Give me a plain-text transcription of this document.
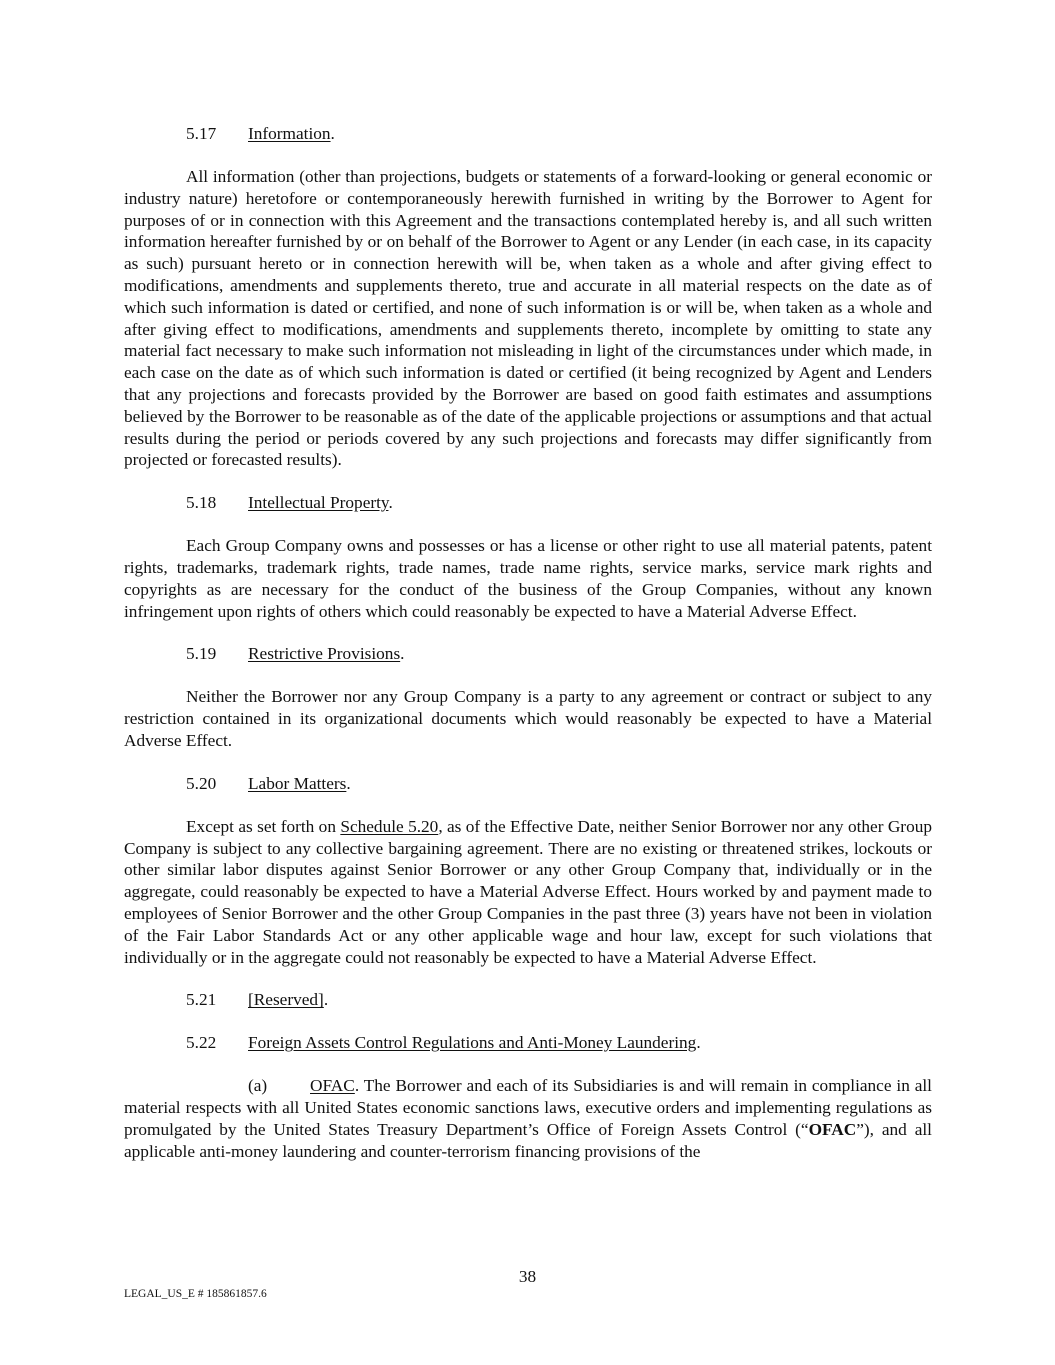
5.17 Information.

All information (other than projections, budgets or statements of a forward-looking or general economic or industry nature) heretofore or contemporaneously herewith furnished in writing by the Borrower to Agent for purposes of or in connection with this Agreement and the transactions contemplated hereby is, and all such written information hereafter furnished by or on behalf of the Borrower to Agent or any Lender (in each case, in its capacity as such) pursuant hereto or in connection herewith will be, when taken as a whole and after giving effect to modifications, amendments and supplements thereto, true and accurate in all material respects on the date as of which such information is dated or certified, and none of such information is or will be, when taken as a whole and after giving effect to modifications, amendments and supplements thereto, incomplete by omitting to state any material fact necessary to make such information not misleading in light of the circumstances under which made, in each case on the date as of which such information is dated or certified (it being recognized by Agent and Lenders that any projections and forecasts provided by the Borrower are based on good faith estimates and assumptions believed by the Borrower to be reasonable as of the date of the applicable projections or assumptions and that actual results during the period or periods covered by any such projections and forecasts may differ significantly from projected or forecasted results).

5.18 Intellectual Property.

Each Group Company owns and possesses or has a license or other right to use all material patents, patent rights, trademarks, trademark rights, trade names, trade name rights, service marks, service mark rights and copyrights as are necessary for the conduct of the business of the Group Companies, without any known infringement upon rights of others which could reasonably be expected to have a Material Adverse Effect.

5.19 Restrictive Provisions.

Neither the Borrower nor any Group Company is a party to any agreement or contract or subject to any restriction contained in its organizational documents which would reasonably be expected to have a Material Adverse Effect.

5.20 Labor Matters.

Except as set forth on Schedule 5.20, as of the Effective Date, neither Senior Borrower nor any other Group Company is subject to any collective bargaining agreement. There are no existing or threatened strikes, lockouts or other similar labor disputes against Senior Borrower or any other Group Company that, individually or in the aggregate, could reasonably be expected to have a Material Adverse Effect. Hours worked by and payment made to employees of Senior Borrower and the other Group Companies in the past three (3) years have not been in violation of the Fair Labor Standards Act or any other applicable wage and hour law, except for such violations that individually or in the aggregate could not reasonably be expected to have a Material Adverse Effect.

5.21 [Reserved].
5.22 Foreign Assets Control Regulations and Anti-Money Laundering.

(a) OFAC. The Borrower and each of its Subsidiaries is and will remain in compliance in all material respects with all United States economic sanctions laws, executive orders and implementing regulations as promulgated by the United States Treasury Department’s Office of Foreign Assets Control (“OFAC”), and all applicable anti-money laundering and counter-terrorism financing provisions of the

38
LEGAL_US_E # 185861857.6
